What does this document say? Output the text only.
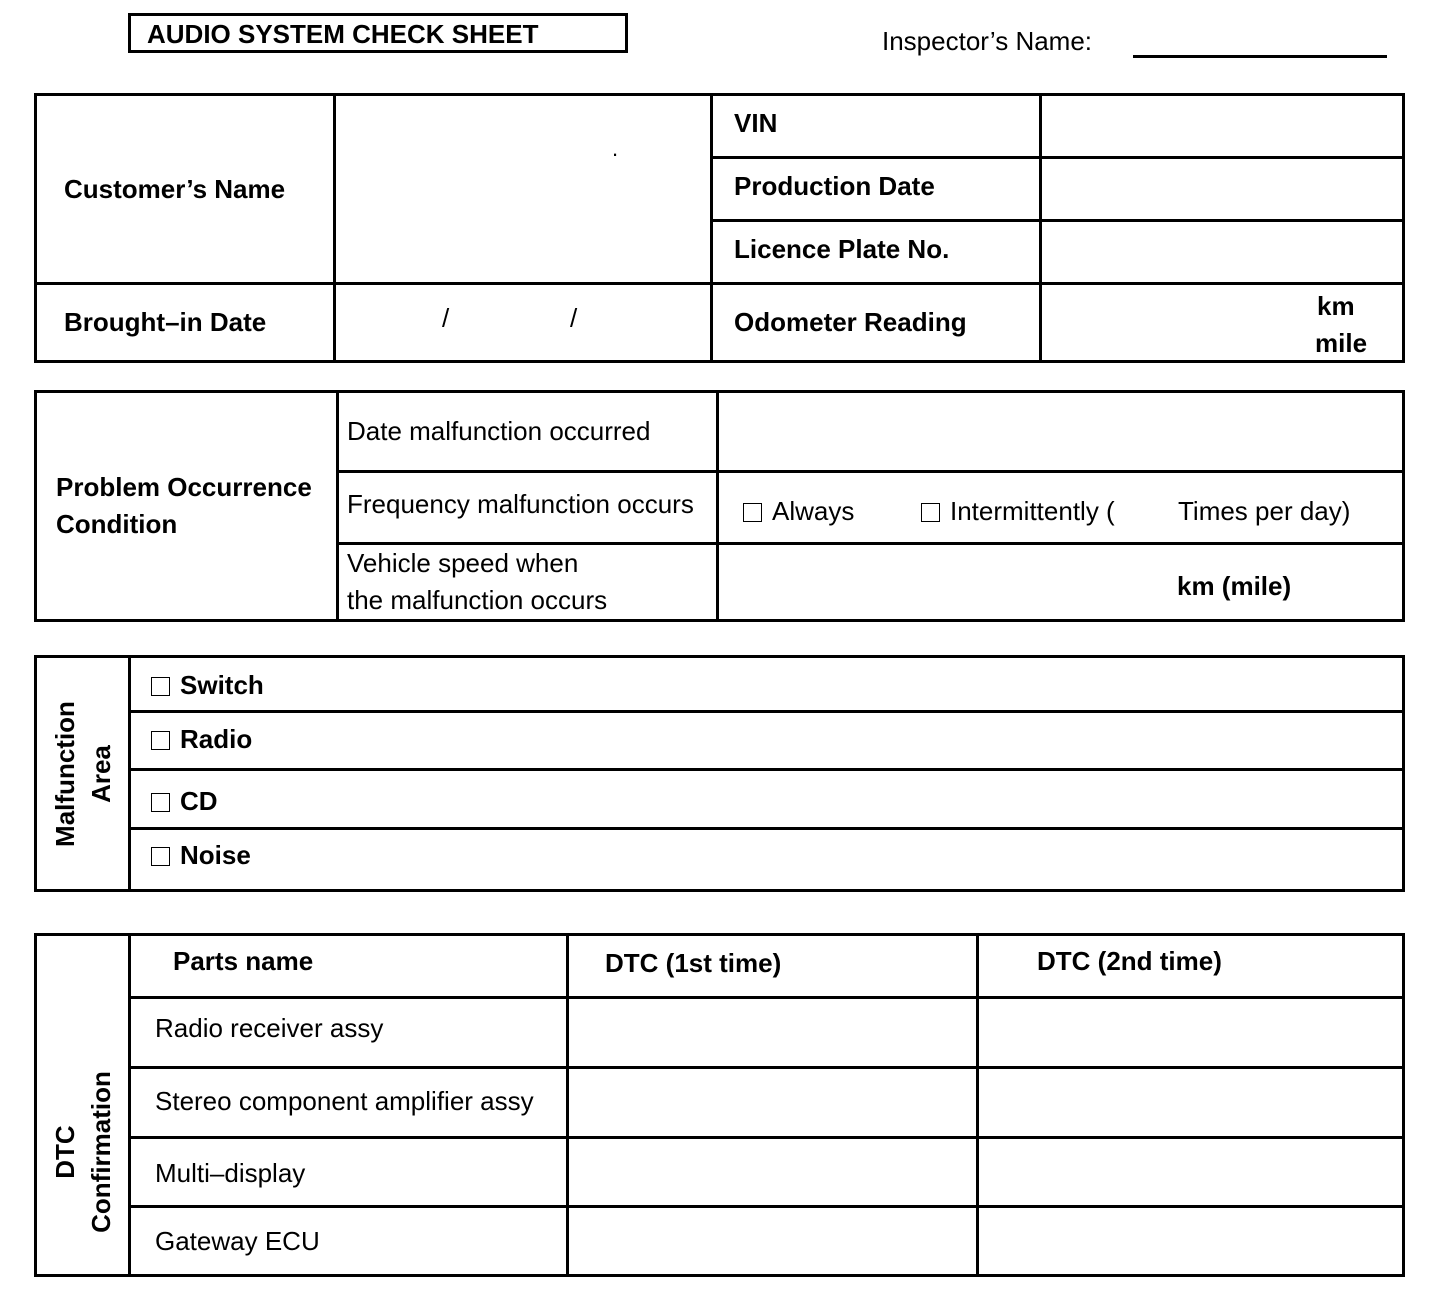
AUDIO SYSTEM CHECK SHEET	Inspector’s Name:
Customer’s Name	.	VIN	
		Production Date	
		Licence Plate No.	
Brought–in Date	/ /	Odometer Reading	km
mile
Problem Occurrence
Condition	Date malfunction occurred	
	Frequency malfunction occurs	Always Intermittently ( Times per day)

	Vehicle speed when
the malfunction occurs	km (mile)
Malfunction Area
	Switch
Radio
CD
Noise
DTC Confirmation	Parts name	DTC (1st time)	DTC (2nd time)
	Radio receiver assy		
	Stereo component amplifier assy		
	Multi–display		
	Gateway ECU		
